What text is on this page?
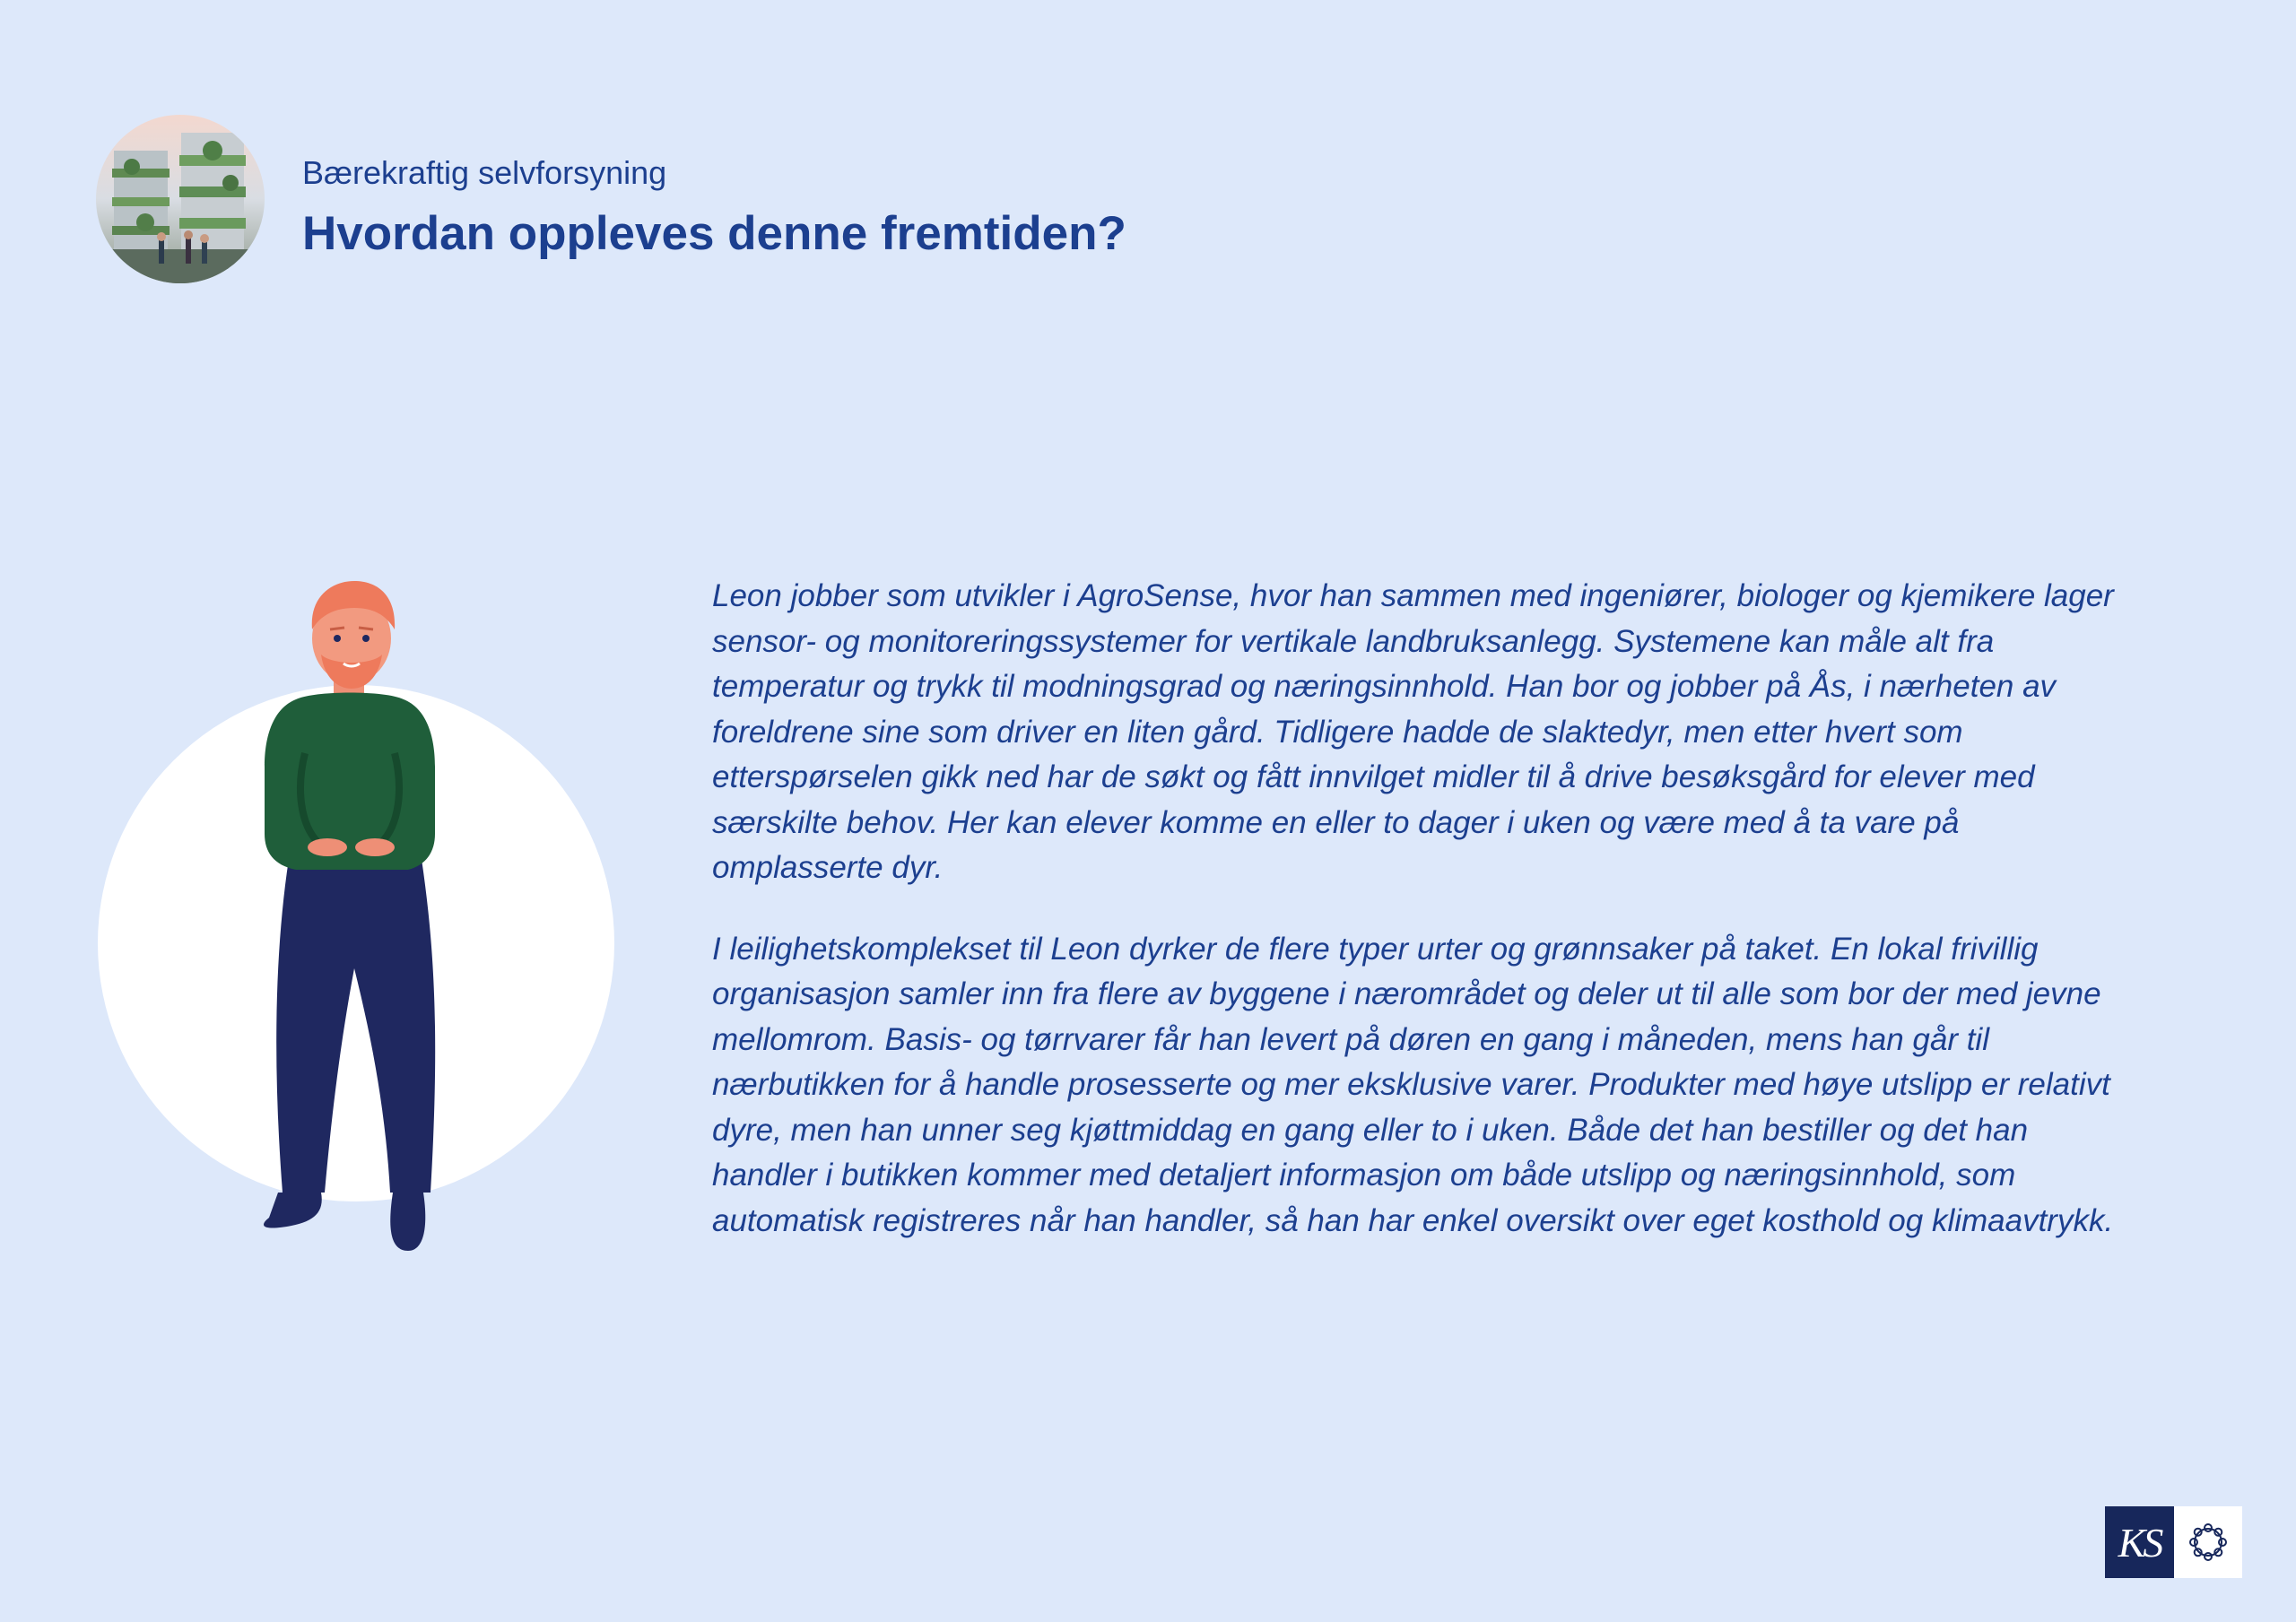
Bærekraftig selvforsyning
Hvordan oppleves denne fremtiden?

Leon jobber som utvikler i AgroSense, hvor han sammen med ingeniører, biologer og kjemikere lager sensor- og monitoreringssystemer for vertikale landbruksanlegg. Systemene kan måle alt fra temperatur og trykk til modningsgrad og næringsinnhold. Han bor og jobber på Ås, i nærheten av foreldrene sine som driver en liten gård. Tidligere hadde de slaktedyr, men etter hvert som etterspørselen gikk ned har de søkt og fått innvilget midler til å drive besøksgård for elever med særskilte behov. Her kan elever komme en eller to dager i uken og være med å ta vare på omplasserte dyr.

I leilighetskomplekset til Leon dyrker de flere typer urter og grønnsaker på taket. En lokal frivillig organisasjon samler inn fra flere av byggene i nærområdet og deler ut til alle som bor der med jevne mellomrom. Basis- og tørrvarer får han levert på døren en gang i måneden, mens han går til nærbutikken for å handle prosesserte og mer eksklusive varer. Produkter med høye utslipp er relativt dyre, men han unner seg kjøttmiddag en gang eller to i uken. Både det han bestiller og det han handler i butikken kommer med detaljert informasjon om både utslipp og næringsinnhold, som automatisk registreres når han handler, så han har enkel oversikt over eget kosthold og klimaavtrykk.

KS
